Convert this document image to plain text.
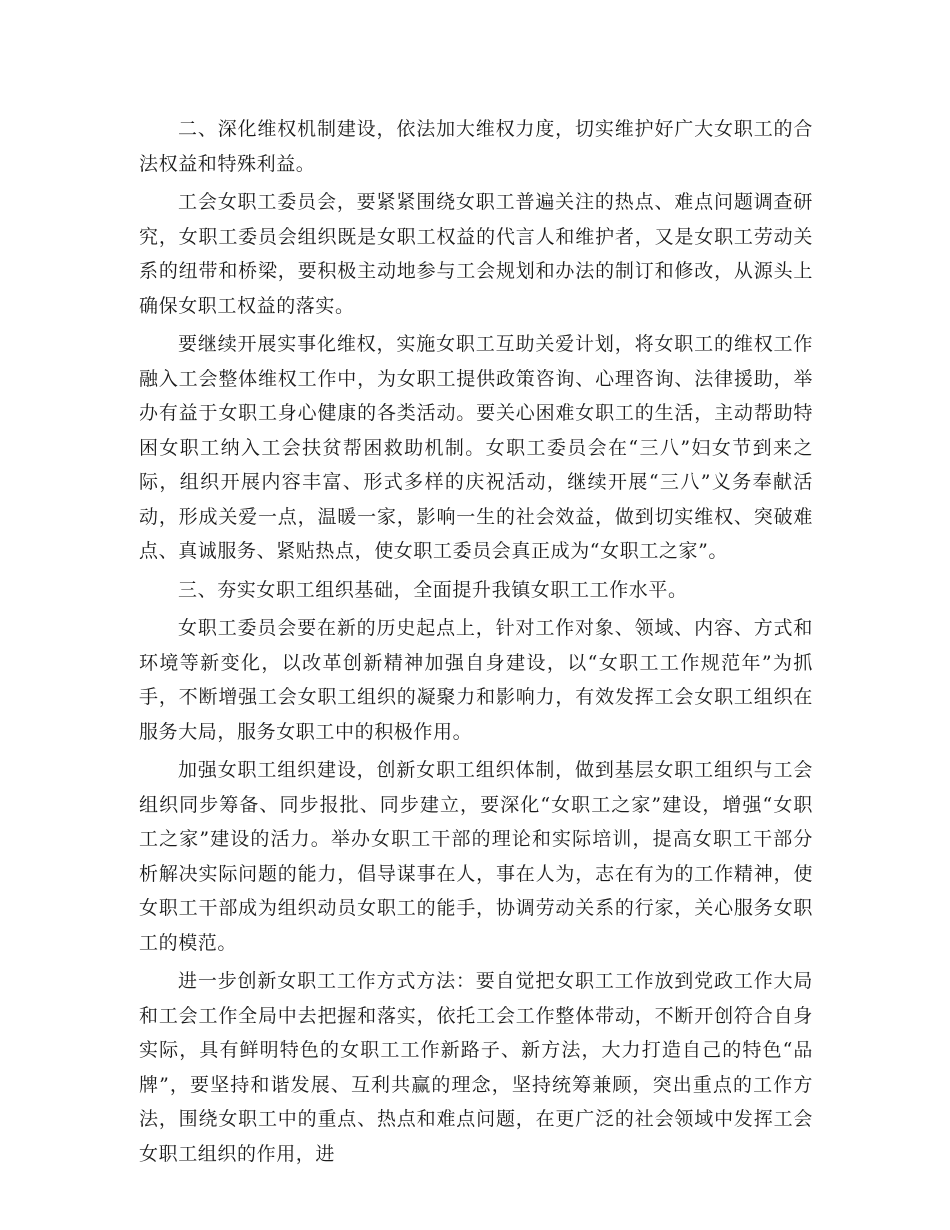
二、深化维权机制建设，依法加大维权力度，切实维护好广大女职工的合法权益和特殊利益。

工会女职工委员会，要紧紧围绕女职工普遍关注的热点、难点问题调查研究，女职工委员会组织既是女职工权益的代言人和维护者，又是女职工劳动关系的纽带和桥梁，要积极主动地参与工会规划和办法的制订和修改，从源头上确保女职工权益的落实。

要继续开展实事化维权，实施女职工互助关爱计划，将女职工的维权工作融入工会整体维权工作中，为女职工提供政策咨询、心理咨询、法律援助，举办有益于女职工身心健康的各类活动。要关心困难女职工的生活，主动帮助特困女职工纳入工会扶贫帮困救助机制。女职工委员会在“三八”妇女节到来之际，组织开展内容丰富、形式多样的庆祝活动，继续开展“三八”义务奉献活动，形成关爱一点，温暖一家，影响一生的社会效益，做到切实维权、突破难点、真诚服务、紧贴热点，使女职工委员会真正成为“女职工之家”。

三、夯实女职工组织基础，全面提升我镇女职工工作水平。

女职工委员会要在新的历史起点上，针对工作对象、领域、内容、方式和环境等新变化，以改革创新精神加强自身建设，以“女职工工作规范年”为抓手，不断增强工会女职工组织的凝聚力和影响力，有效发挥工会女职工组织在服务大局，服务女职工中的积极作用。

加强女职工组织建设，创新女职工组织体制，做到基层女职工组织与工会组织同步筹备、同步报批、同步建立，要深化“女职工之家”建设，增强“女职工之家”建设的活力。举办女职工干部的理论和实际培训，提高女职工干部分析解决实际问题的能力，倡导谋事在人，事在人为，志在有为的工作精神，使女职工干部成为组织动员女职工的能手，协调劳动关系的行家，关心服务女职工的模范。

进一步创新女职工工作方式方法：要自觉把女职工工作放到党政工作大局和工会工作全局中去把握和落实，依托工会工作整体带动，不断开创符合自身实际，具有鲜明特色的女职工工作新路子、新方法，大力打造自己的特色“品牌”，要坚持和谐发展、互利共赢的理念，坚持统筹兼顾，突出重点的工作方法，围绕女职工中的重点、热点和难点问题，在更广泛的社会领域中发挥工会女职工组织的作用，进
